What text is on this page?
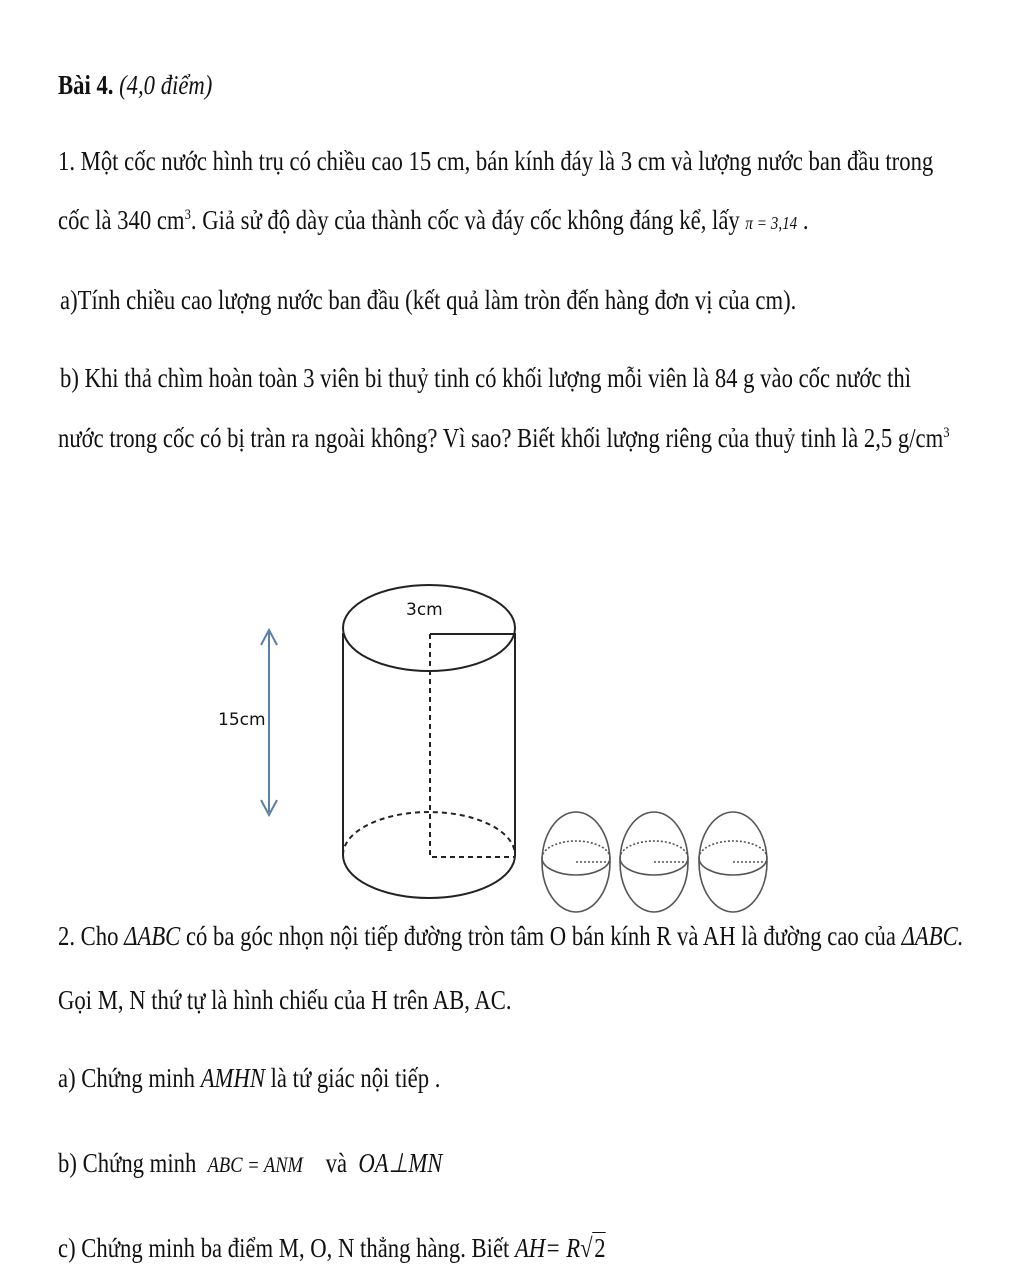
Bài 4. (4,0 điểm)
1. Một cốc nước hình trụ có chiều cao 15 cm, bán kính đáy là 3 cm và lượng nước ban đầu trong
cốc là 340 $cm^3$. Giả sử độ dày của thành cốc và đáy cốc không đáng kể, lấy π = 3,14 .
a)Tính chiều cao lượng nước ban đầu (kết quả làm tròn đến hàng đơn vị của cm).
b) Khi thả chìm hoàn toàn 3 viên bi thuỷ tinh có khối lượng mỗi viên là 84 g vào cốc nước thì
nước trong cốc có bị tràn ra ngoài không? Vì sao? Biết khối lượng riêng của thuỷ tinh là 2,5 $g/cm^3$
3cm
15cm
2. Cho ΔABC có ba góc nhọn nội tiếp đường tròn tâm O bán kính R và AH là đường cao của ΔABC.
Gọi M, N thứ tự là hình chiếu của H trên AB, AC.
a) Chứng minh AMHN là tứ giác nội tiếp .
b) Chứng minh ABC = ANM và OA⊥MN
c) Chứng minh ba điểm M, O, N thẳng hàng. Biết AH= R√2
